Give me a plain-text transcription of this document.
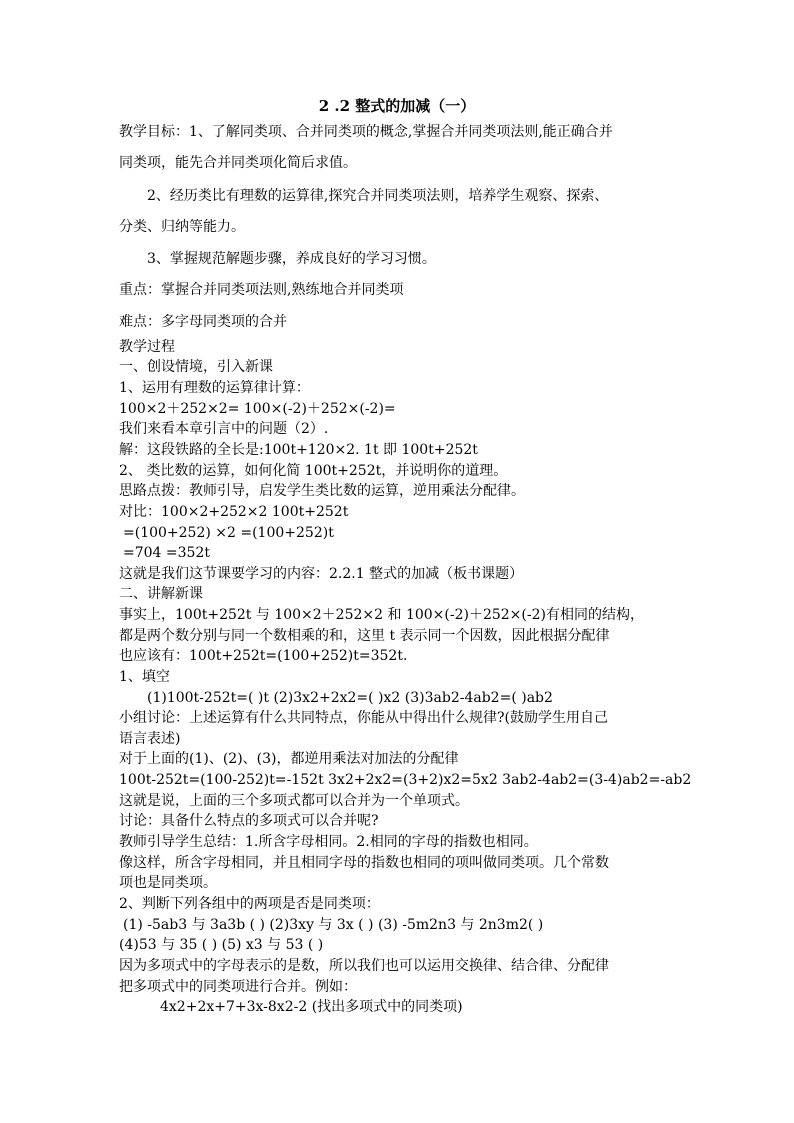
2 .2 整式的加减（一）
教学目标：1、了解同类项、合并同类项的概念,掌握合并同类项法则,能正确合并
同类项，能先合并同类项化简后求值。
2、经历类比有理数的运算律,探究合并同类项法则，培养学生观察、探索、
分类、归纳等能力。
3、掌握规范解题步骤，养成良好的学习习惯。
重点：掌握合并同类项法则,熟练地合并同类项
难点：多字母同类项的合并
教学过程
一、创设情境，引入新课
1、运用有理数的运算律计算：
100×2＋252×2= 100×(-2)＋252×(-2)=
我们来看本章引言中的问题（2）.
解：这段铁路的全长是:100t+120×2. 1t 即 100t+252t
2、 类比数的运算，如何化简 100t+252t，并说明你的道理。
思路点拨：教师引导，启发学生类比数的运算，逆用乘法分配律。
对比：100×2+252×2 100t+252t
=(100+252) ×2 =(100+252)t
=704 =352t
这就是我们这节课要学习的内容：2.2.1 整式的加减（板书课题）
二、讲解新课
事实上，100t+252t 与 100×2＋252×2 和 100×(-2)＋252×(-2)有相同的结构，
都是两个数分别与同一个数相乘的和，这里 t 表示同一个因数，因此根据分配律
也应该有：100t+252t=(100+252)t=352t.
1、填空
(1)100t-252t=( )t (2)3x2+2x2=( )x2 (3)3ab2-4ab2=( )ab2
小组讨论：上述运算有什么共同特点，你能从中得出什么规律?(鼓励学生用自己
语言表述)
对于上面的(1)、(2)、(3)，都逆用乘法对加法的分配律
100t-252t=(100-252)t=-152t 3x2+2x2=(3+2)x2=5x2 3ab2-4ab2=(3-4)ab2=-ab2
这就是说，上面的三个多项式都可以合并为一个单项式。
讨论：具备什么特点的多项式可以合并呢?
教师引导学生总结：1.所含字母相同。2.相同的字母的指数也相同。
像这样，所含字母相同，并且相同字母的指数也相同的项叫做同类项。几个常数
项也是同类项。
2、判断下列各组中的两项是否是同类项：
(1) -5ab3 与 3a3b ( ) (2)3xy 与 3x ( ) (3) -5m2n3 与 2n3m2( )
(4)53 与 35 ( ) (5) x3 与 53 ( )
因为多项式中的字母表示的是数，所以我们也可以运用交换律、结合律、分配律
把多项式中的同类项进行合并。例如：
4x2+2x+7+3x-8x2-2 (找出多项式中的同类项)
